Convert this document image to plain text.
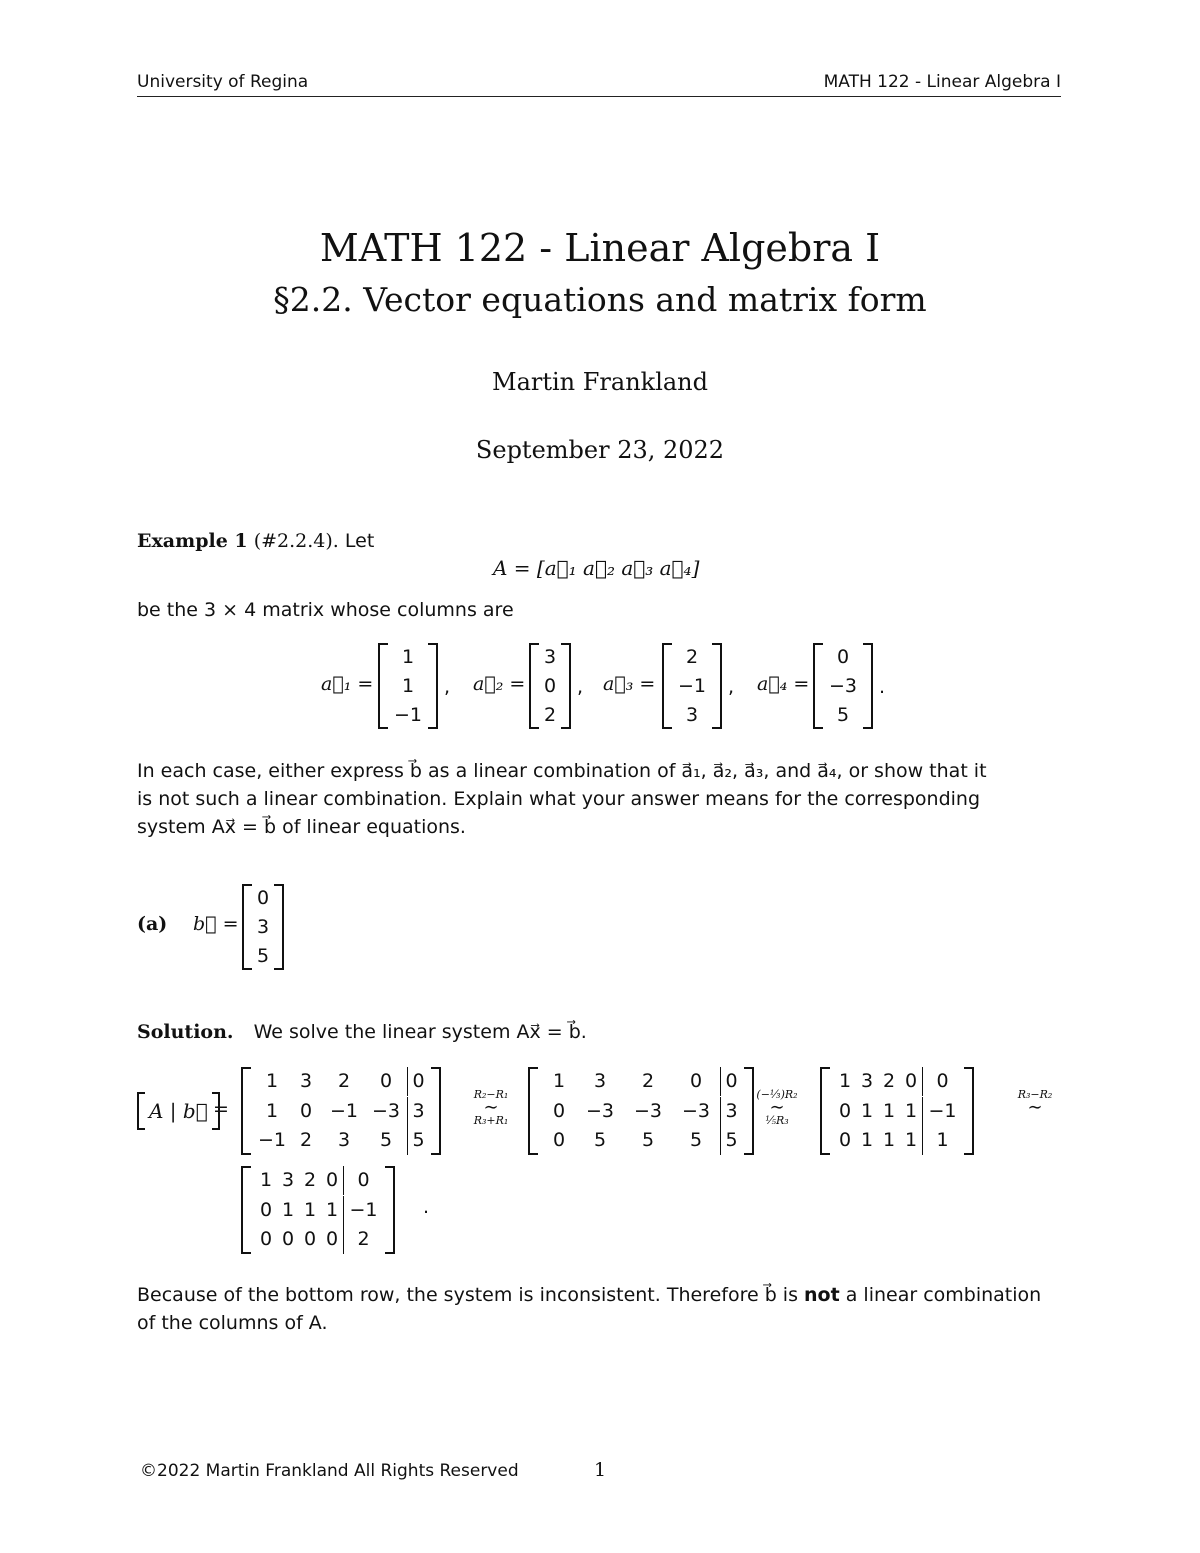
University of Regina	MATH 122 - Linear Algebra I
MATH 122 - Linear Algebra I
§2.2. Vector equations and matrix form
Martin Frankland
September 23, 2022
Example 1 (#2.2.4). Let
A = [a⃗₁ a⃗₂ a⃗₃ a⃗₄]
be the 3 × 4 matrix whose columns are
a⃗₁ =
1
1
−1
, a⃗₂ =
3
0
2
, a⃗₃ =
2
−1
3
, a⃗₄ =
0
−3
5
.
In each case, either express b⃗ as a linear combination of a⃗₁, a⃗₂, a⃗₃, and a⃗₄, or show that it
is not such a linear combination. Explain what your answer means for the corresponding
system Ax⃗ = b⃗ of linear equations.
(a) b⃗ =
0
3
5
Solution. We solve the linear system Ax⃗ = b⃗.
A | b⃗ =
1	3	2	0	0
1	0 −1 −3 3
−1 2	3	5	5
1	3	2	0	0
0	−3	−3	−3 3
0	5	5	5	5
1 3 2 0	0
0 1 1 1 −1
0 1 1 1	1
1 3 2 0	0
0 1 1 1 −1
0 0 0 0	2
R₂−R₁
∼
R₃+R₁
(−⅓)R₂
∼
⅕R₃
R₃−R₂
∼
.
Because of the bottom row, the system is inconsistent. Therefore b⃗ is not a linear combination
of the columns of A.
©2022 Martin Frankland All Rights Reserved	1
